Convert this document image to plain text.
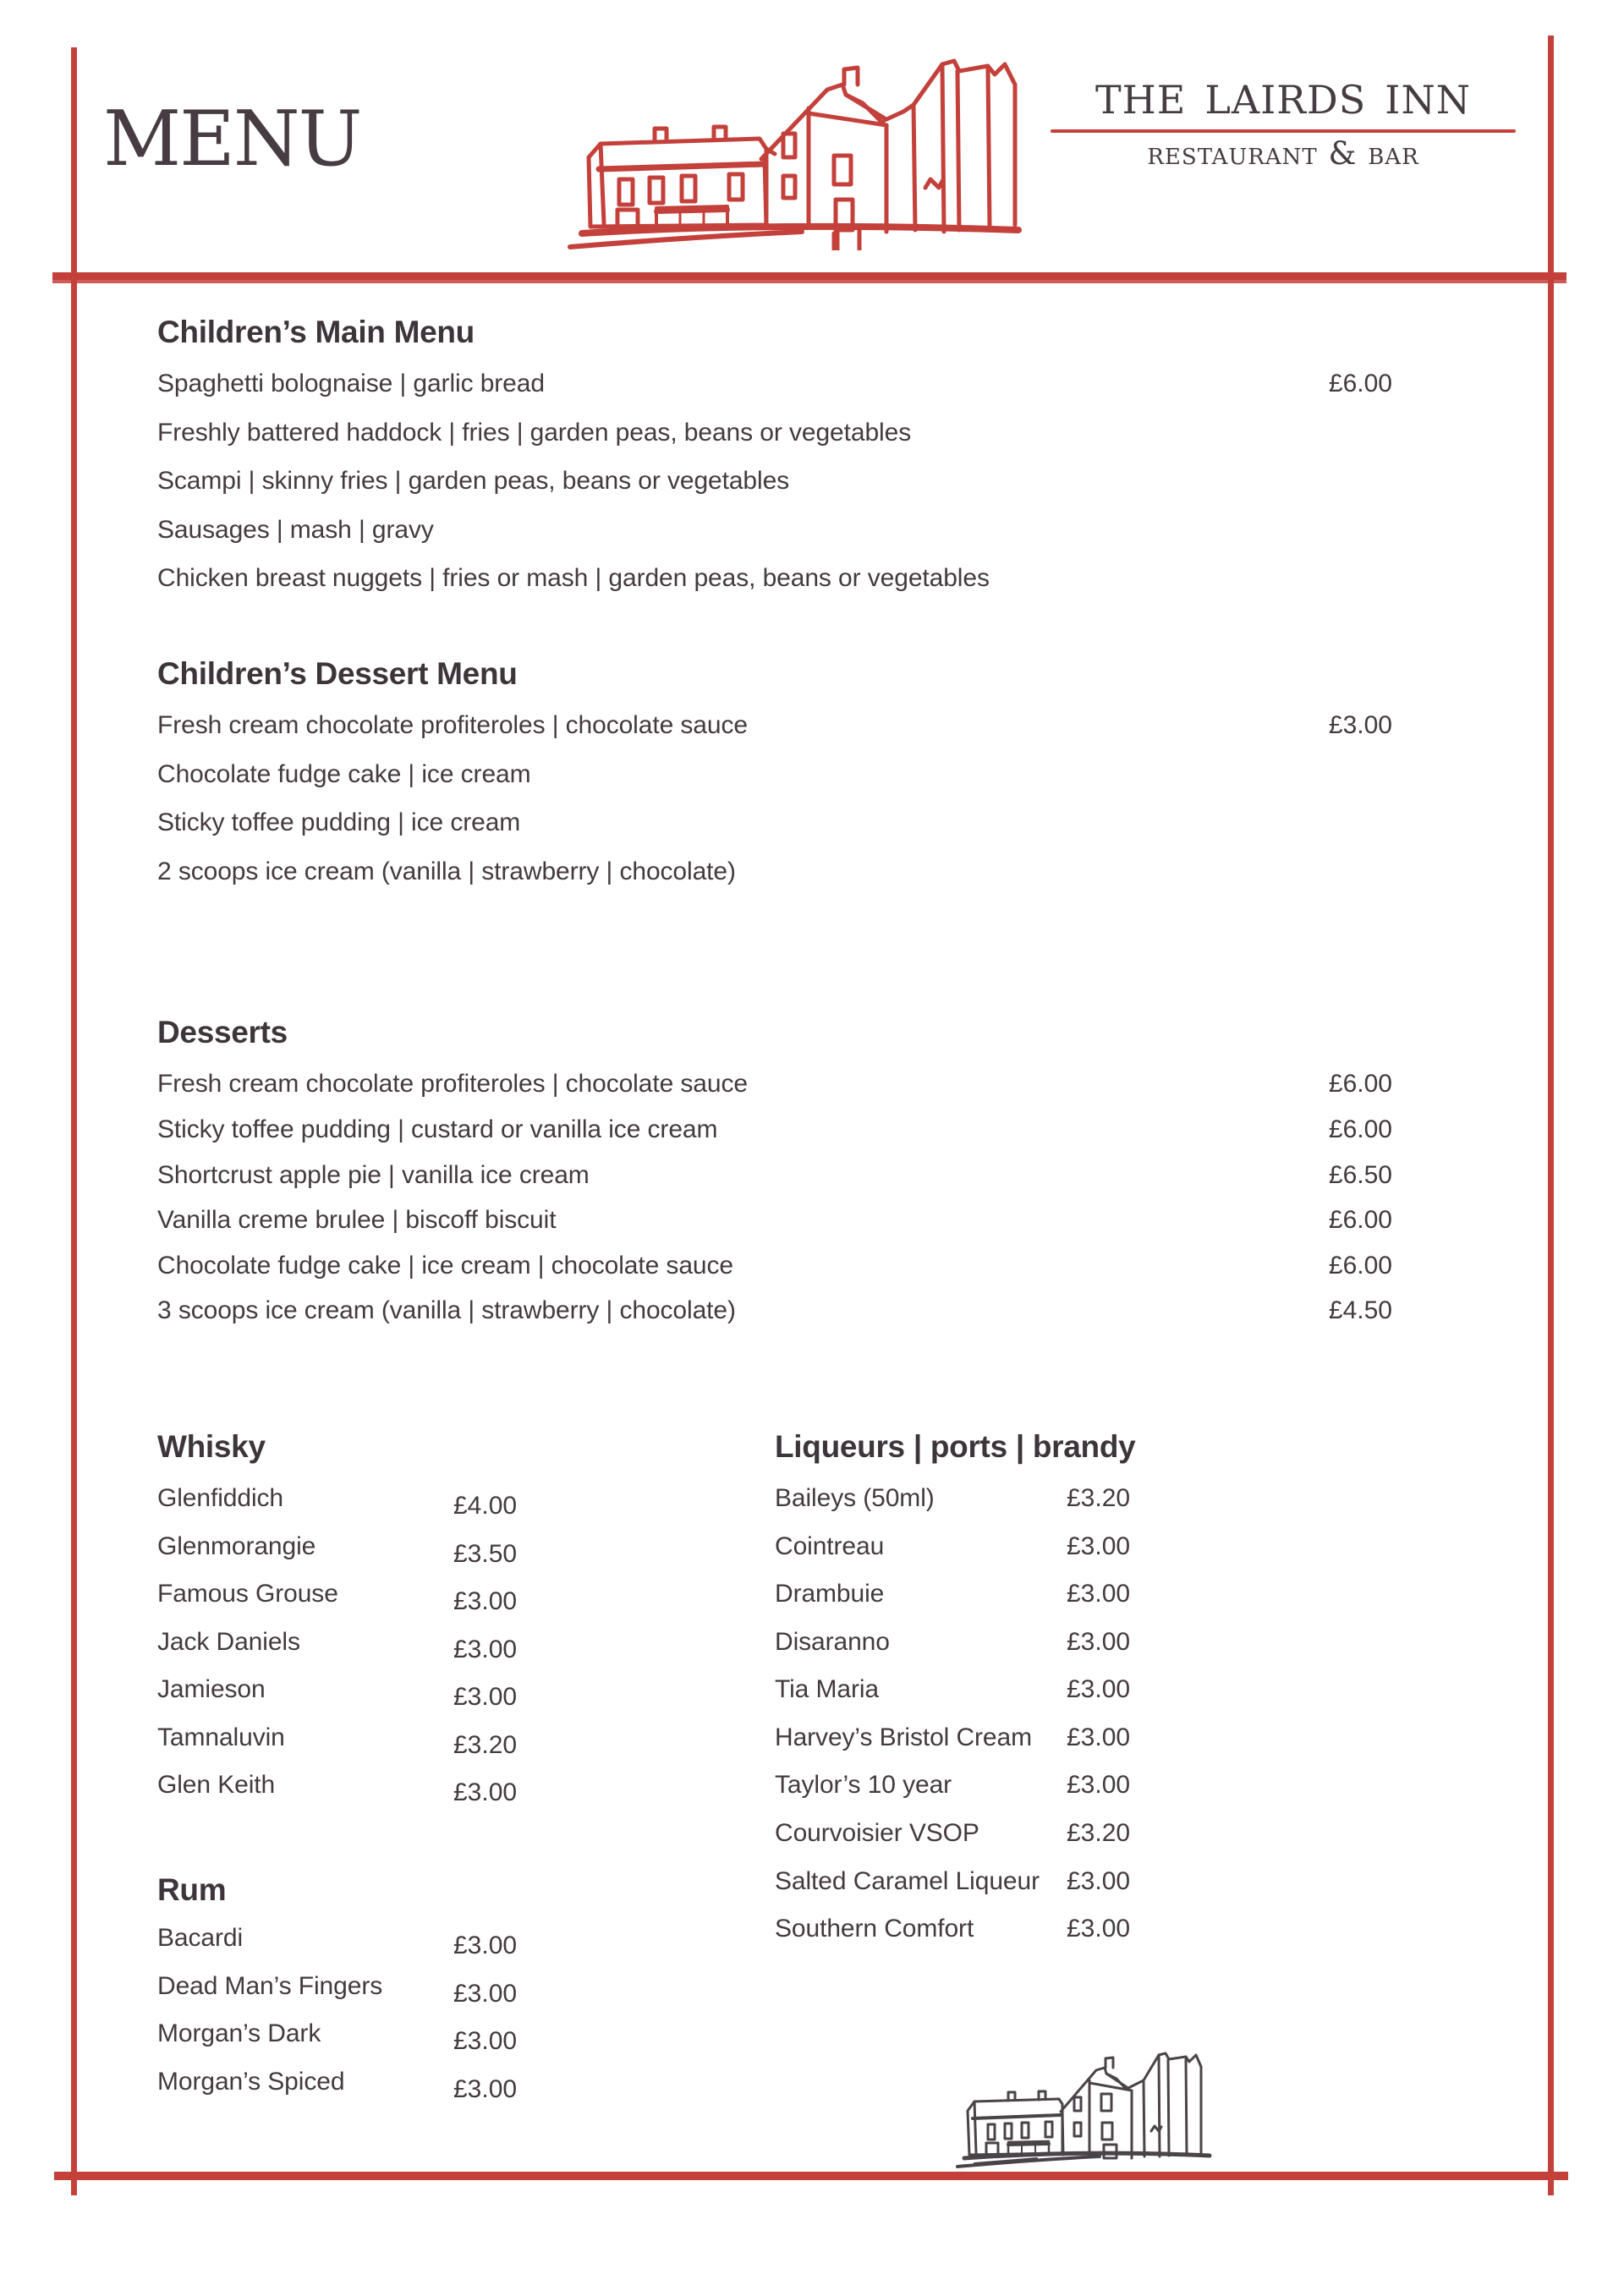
menu	the lairds inn
restaurant & bar
Children’s Main Menu
Spaghetti bolognaise | garlic bread	£6.00
Freshly battered haddock | fries | garden peas, beans or vegetables
Scampi | skinny fries | garden peas, beans or vegetables
Sausages | mash | gravy
Chicken breast nuggets | fries or mash | garden peas, beans or vegetables
Children’s Dessert Menu
Fresh cream chocolate profiteroles | chocolate sauce	£3.00
Chocolate fudge cake | ice cream
Sticky toffee pudding | ice cream
2 scoops ice cream (vanilla | strawberry | chocolate)
Desserts
Fresh cream chocolate profiteroles | chocolate sauce	£6.00
Sticky toffee pudding | custard or vanilla ice cream	£6.00
Shortcrust apple pie | vanilla ice cream	£6.50
Vanilla creme brulee | biscoff biscuit	£6.00
Chocolate fudge cake | ice cream | chocolate sauce	£6.00
3 scoops ice cream (vanilla | strawberry | chocolate)	£4.50
Whisky
Glenfiddich	£4.00
Glenmorangie	£3.50
Famous Grouse	£3.00
Jack Daniels	£3.00
Jamieson	£3.00
Tamnaluvin	£3.20
Glen Keith	£3.00
Rum
Bacardi	£3.00
Dead Man’s Fingers	£3.00
Morgan’s Dark	£3.00
Morgan’s Spiced	£3.00
Liqueurs | ports | brandy
Baileys (50ml)	£3.20
Cointreau	£3.00
Drambuie	£3.00
Disaranno	£3.00
Tia Maria	£3.00
Harvey’s Bristol Cream	£3.00
Taylor’s 10 year	£3.00
Courvoisier VSOP	£3.20
Salted Caramel Liqueur	£3.00
Southern Comfort	£3.00
